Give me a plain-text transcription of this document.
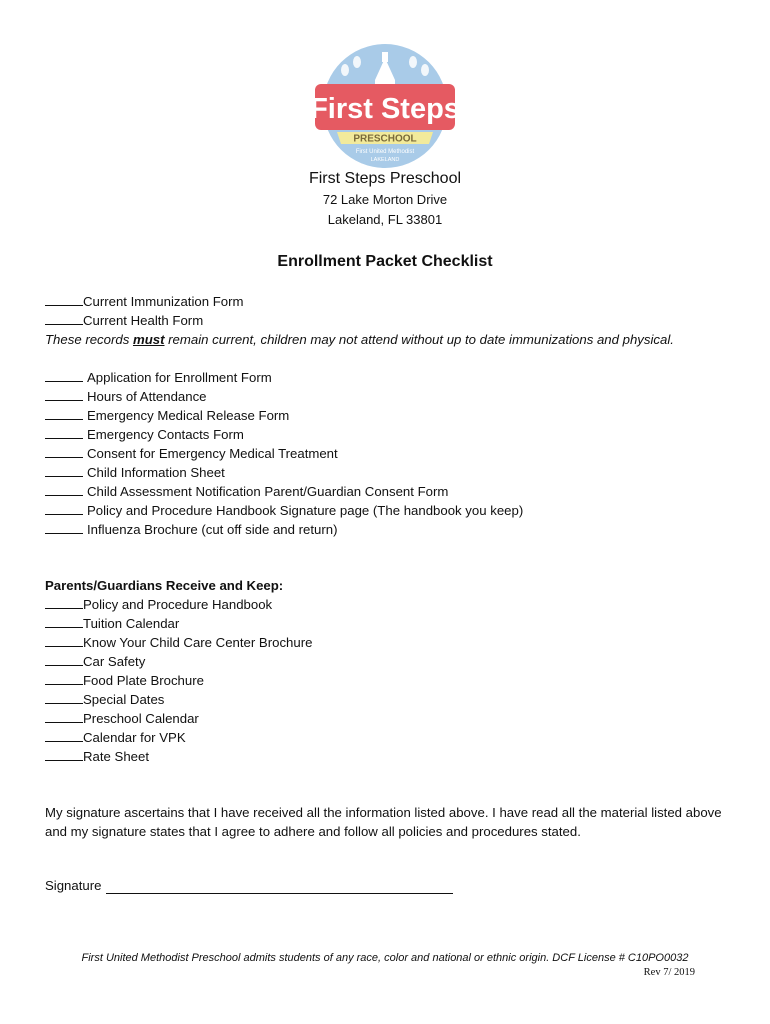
First Steps
PRESCHOOL
First United Methodist
LAKELAND
First Steps Preschool
72 Lake Morton Drive
Lakeland, FL 33801
Enrollment Packet Checklist
Current Immunization Form
Current Health Form
These records must remain current, children may not attend without up to date immunizations and physical.
Application for Enrollment Form
Hours of Attendance
Emergency Medical Release Form
Emergency Contacts Form
Consent for Emergency Medical Treatment
Child Information Sheet
Child Assessment Notification Parent/Guardian Consent Form
Policy and Procedure Handbook Signature page (The handbook you keep)
Influenza Brochure (cut off side and return)
Parents/Guardians Receive and Keep:
Policy and Procedure Handbook
Tuition Calendar
Know Your Child Care Center Brochure
Car Safety
Food Plate Brochure
Special Dates
Preschool Calendar
Calendar for VPK
Rate Sheet
My signature ascertains that I have received all the information listed above. I have read all the material listed above and my signature states that I agree to adhere and follow all policies and procedures stated.
Signature
First United Methodist Preschool admits students of any race, color and national or ethnic origin. DCF License # C10PO0032
Rev 7/ 2019
